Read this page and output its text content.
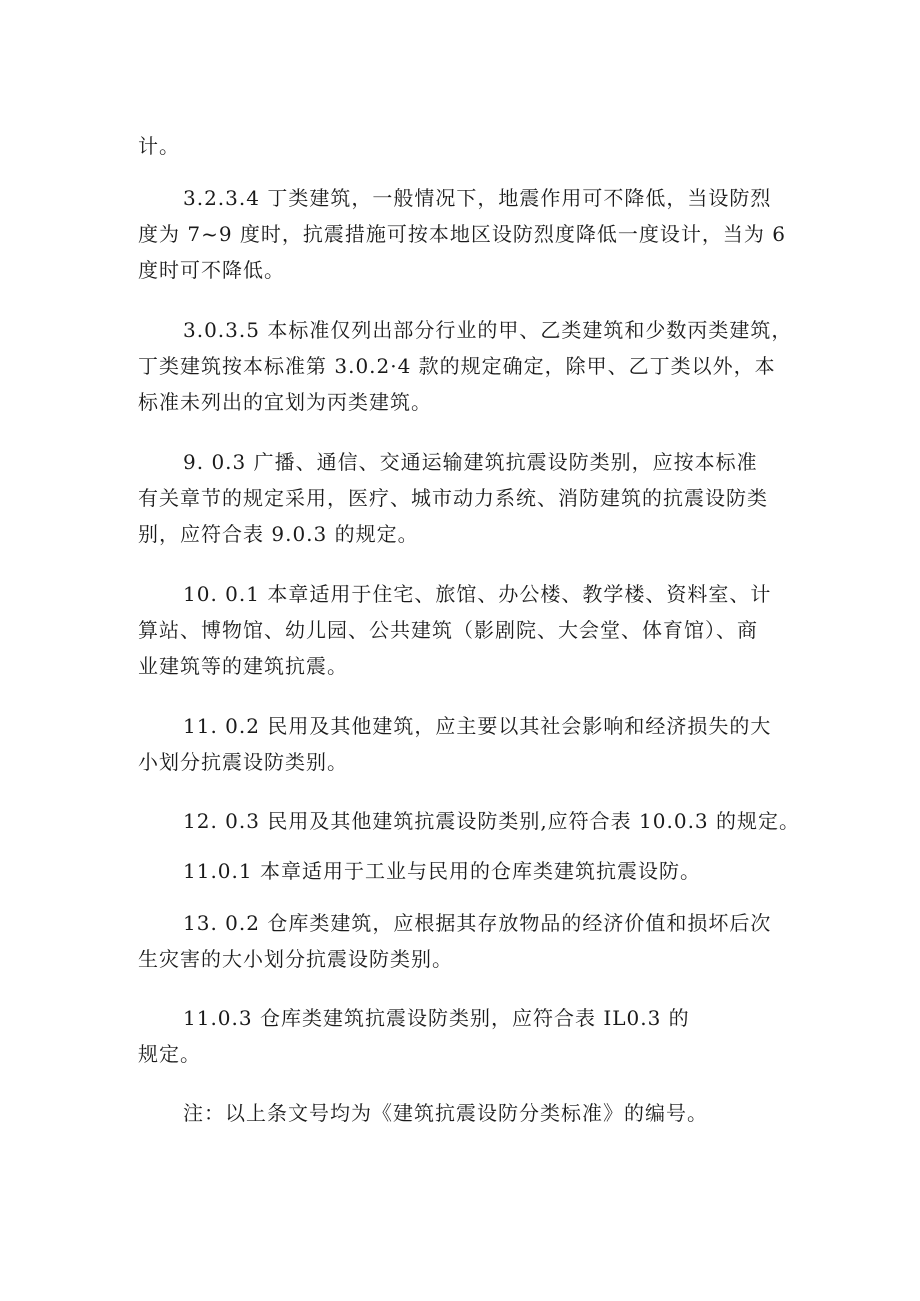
计。

3.2.3.4 丁类建筑，一般情况下，地震作用可不降低，当设防烈
度为 7~9 度时，抗震措施可按本地区设防烈度降低一度设计，当为 6
度时可不降低。

3.0.3.5 本标准仅列出部分行业的甲、乙类建筑和少数丙类建筑，
丁类建筑按本标准第 3.0.2·4 款的规定确定，除甲、乙丁类以外，本
标准未列出的宜划为丙类建筑。

9. 0.3 广播、通信、交通运输建筑抗震设防类别，应按本标准
有关章节的规定采用，医疗、城市动力系统、消防建筑的抗震设防类
别，应符合表 9.0.3 的规定。

10. 0.1 本章适用于住宅、旅馆、办公楼、教学楼、资料室、计
算站、博物馆、幼儿园、公共建筑（影剧院、大会堂、体育馆）、商
业建筑等的建筑抗震。

11. 0.2 民用及其他建筑，应主要以其社会影响和经济损失的大
小划分抗震设防类别。

12. 0.3 民用及其他建筑抗震设防类别,应符合表 10.0.3 的规定。

11.0.1 本章适用于工业与民用的仓库类建筑抗震设防。

13. 0.2 仓库类建筑，应根据其存放物品的经济价值和损坏后次
生灾害的大小划分抗震设防类别。

11.0.3 仓库类建筑抗震设防类别，应符合表 IL0.3 的
规定。

注：以上条文号均为《建筑抗震设防分类标准》的编号。
